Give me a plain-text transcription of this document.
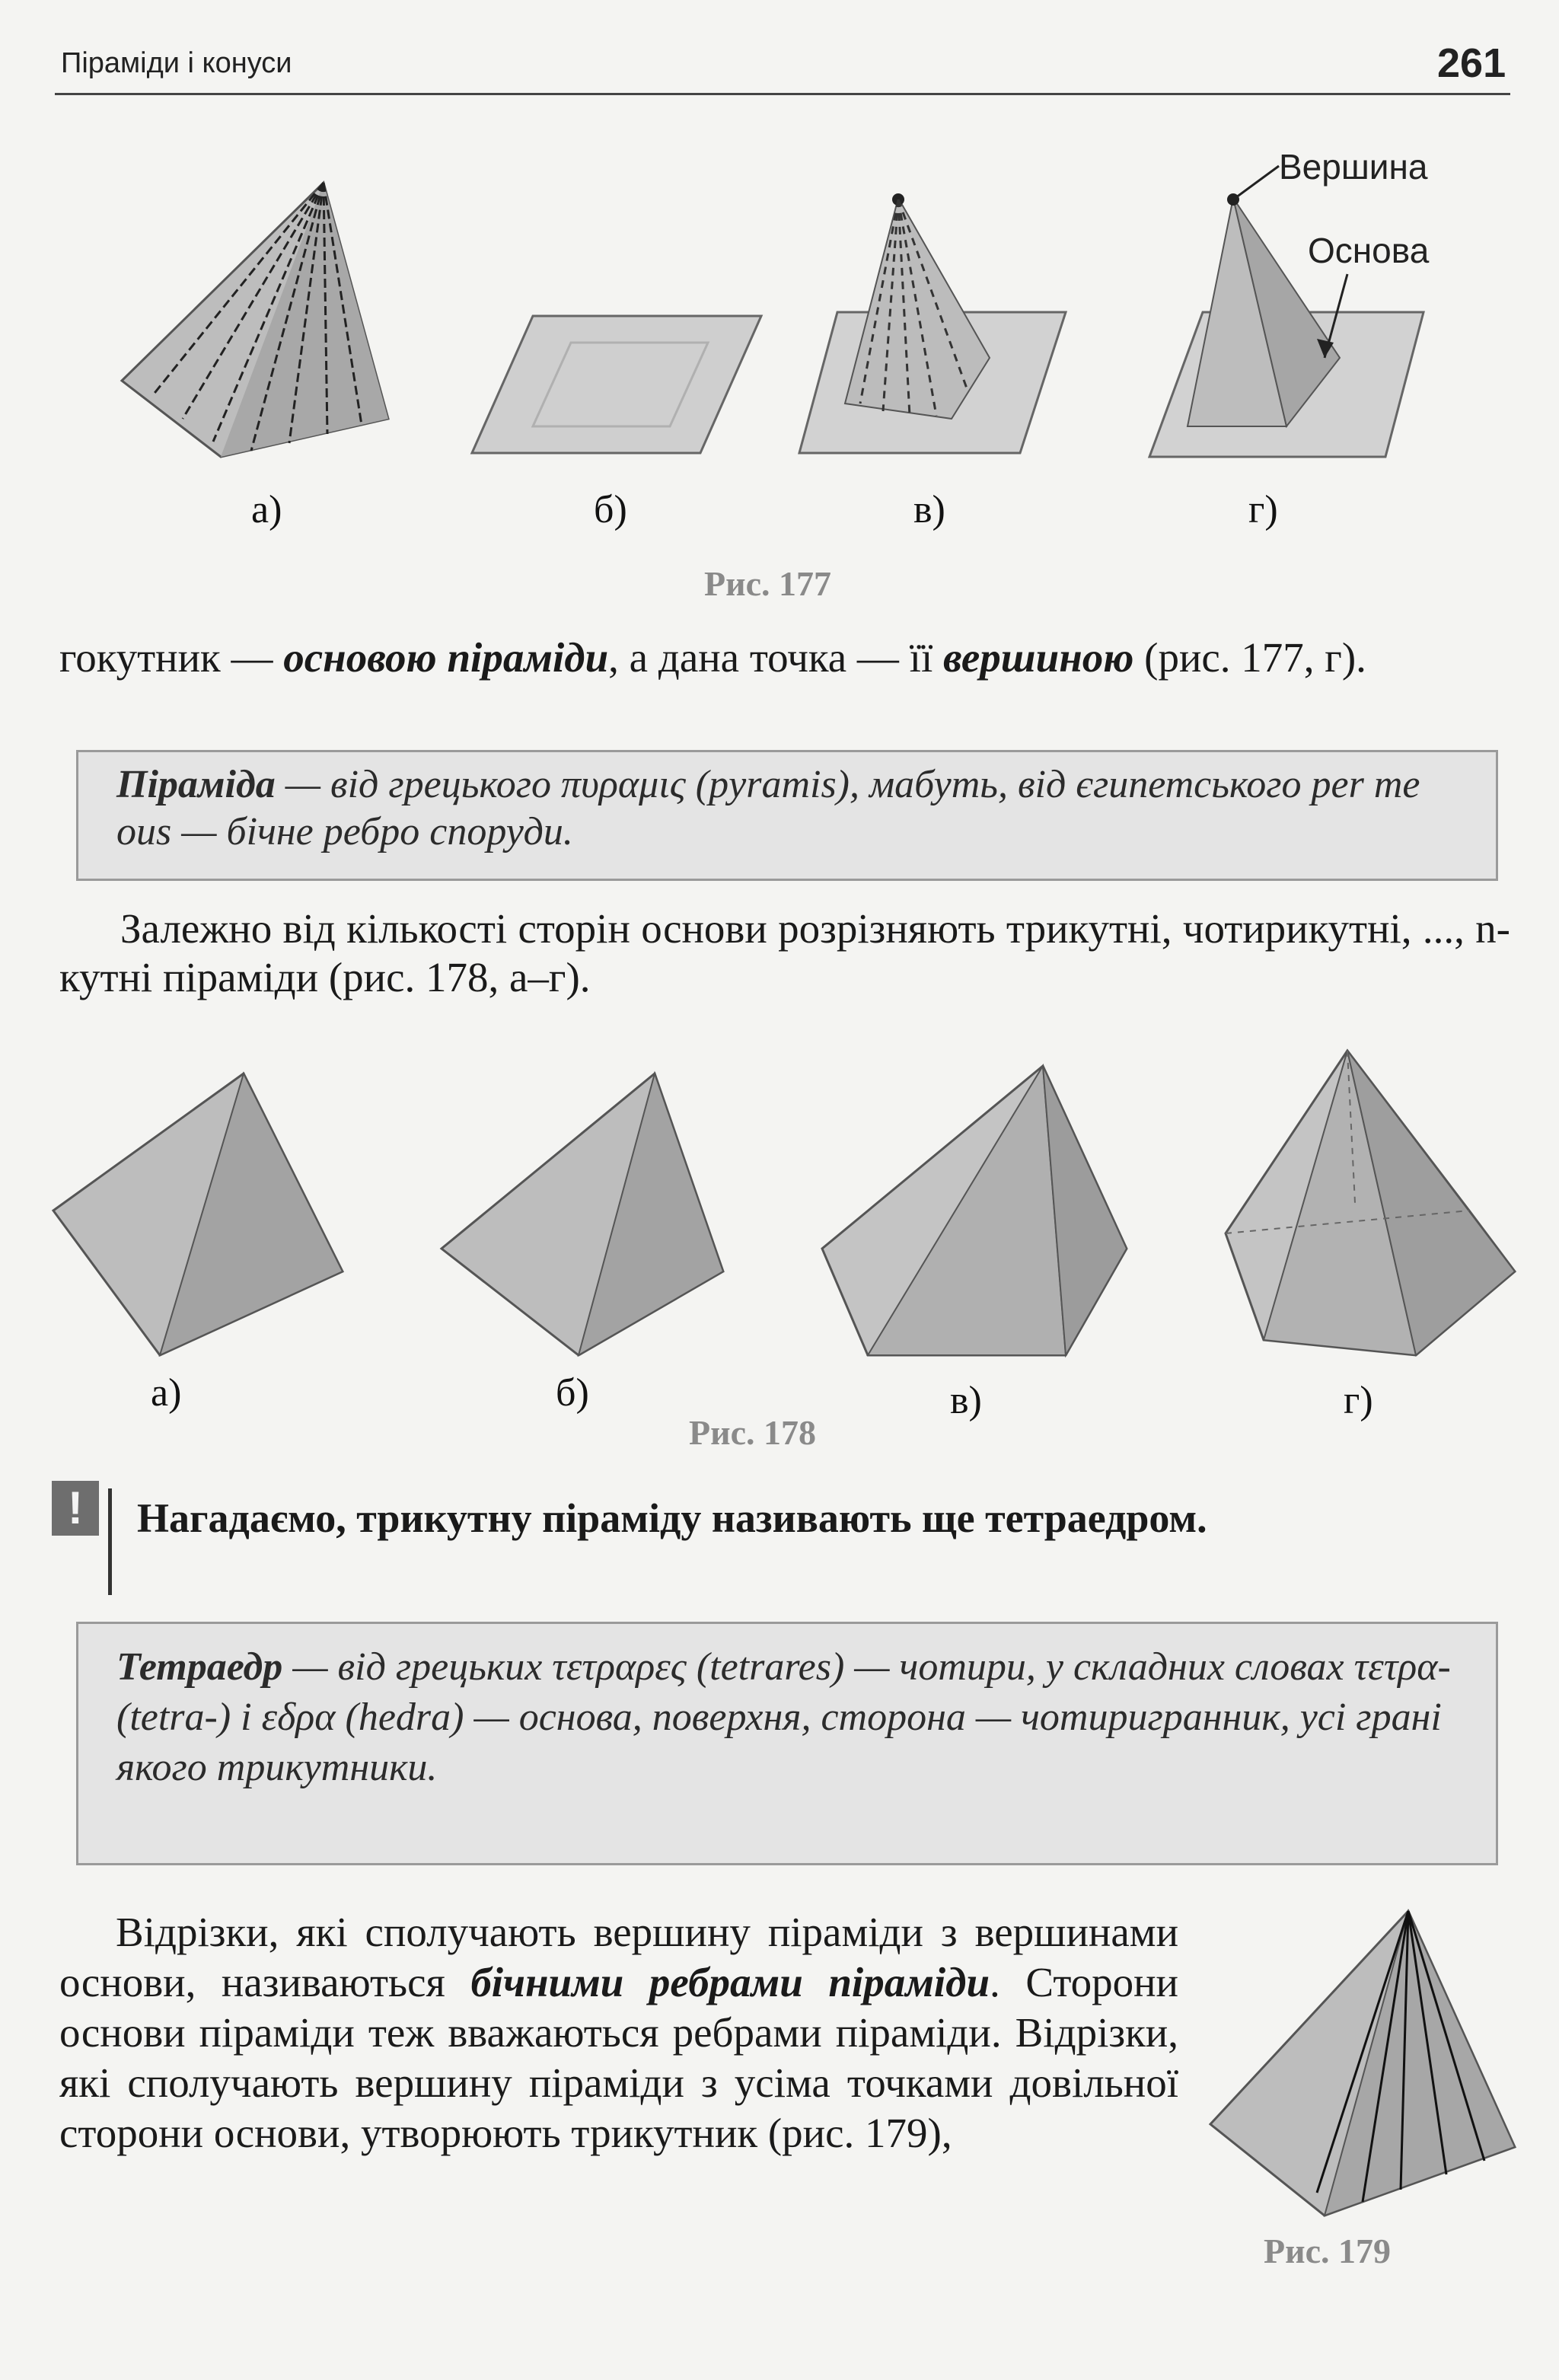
Піраміди і конуси	261
Вершина
Основа
а)	б)	в)	г)
Рис. 177
гокутник — основою піраміди, а дана точка — її вершиною (рис. 177, г).
Піраміда — від грецького πυραμις (pyramis), мабуть, від єгипетського per me ous — бічне ребро споруди.
Залежно від кількості сторін основи розрізняють трикутні, чотирикутні, ..., n-кутні піраміди (рис. 178, а–г).
а)	б)	в)	г)
Рис. 178
!	Нагадаємо, трикутну піраміду називають ще тетраедром.
Тетраедр — від грецьких τετραρες (tetrares) — чотири, у складних словах τετρα- (tetra-) і εδρα (hedra) — основа, поверхня, сторона — чотиригранник, усі грані якого трикутники.
Відрізки, які сполучають вершину піраміди з вершинами основи, називаються бічними ребрами піраміди. Сторони основи піраміди теж вважаються ребрами піраміди. Відрізки, які сполучають вершину піраміди з усіма точками довільної сторони основи, утворюють трикутник (рис. 179),
Рис. 179
